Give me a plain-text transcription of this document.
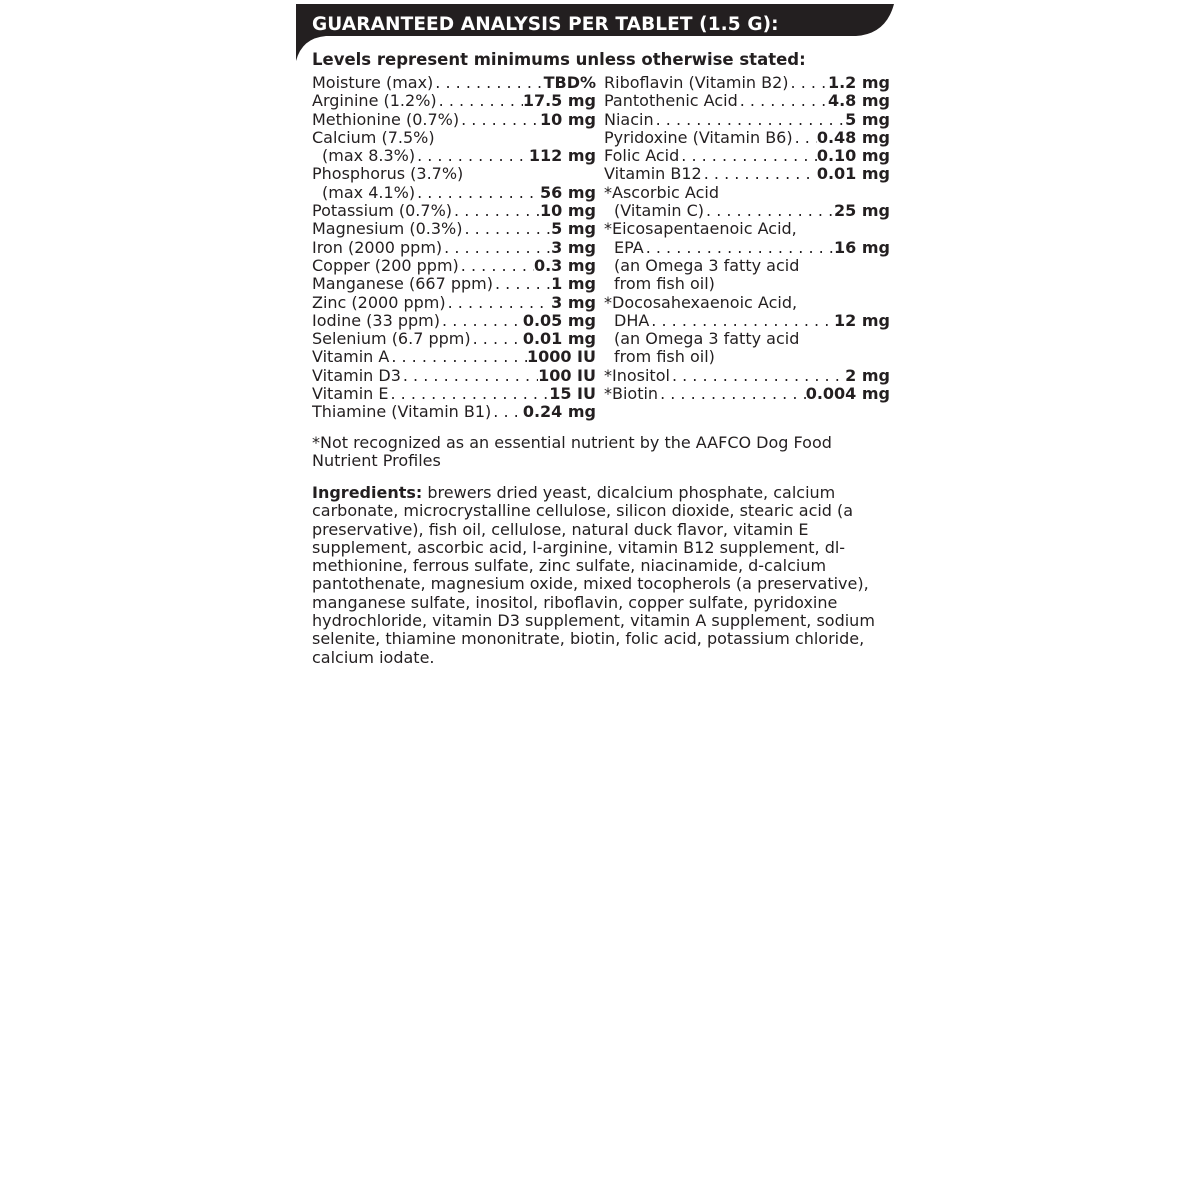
GUARANTEED ANALYSIS PER TABLET (1.5 G):
Levels represent minimums unless otherwise stated:
Moisture (max) . . .	TBD%
Arginine (1.2%) . . .	17.5 mg
Methionine (0.7%) . . .	10 mg
Calcium (7.5%)
(max 8.3%) . . .	112 mg
Phosphorus (3.7%)
(max 4.1%) . . .	56 mg
Potassium (0.7%) . . .	10 mg
Magnesium (0.3%) . . .	5 mg
Iron (2000 ppm) . . .	3 mg
Copper (200 ppm) . . .	0.3 mg
Manganese (667 ppm) . . .	1 mg
Zinc (2000 ppm) . . .	3 mg
Iodine (33 ppm) . . .	0.05 mg
Selenium (6.7 ppm) . . .	0.01 mg
Vitamin A . . .	1000 IU
Vitamin D3 . . .	100 IU
Vitamin E . . .	15 IU
Thiamine (Vitamin B1) . . . 0.24 mg
Riboflavin (Vitamin B2) . . . 1.2 mg
Pantothenic Acid . . .	4.8 mg
Niacin . . .	5 mg
Pyridoxine (Vitamin B6) . . . 0.48 mg
Folic Acid . . .	0.10 mg
Vitamin B12 . . .	0.01 mg
*Ascorbic Acid
(Vitamin C) . . .	25 mg
*Eicosapentaenoic Acid,
EPA . . .	16 mg
(an Omega 3 fatty acid
from fish oil)
*Docosahexaenoic Acid,
DHA . . .	12 mg
(an Omega 3 fatty acid
from fish oil)
*Inositol . . .	2 mg
*Biotin . . .	0.004 mg
*Not recognized as an essential nutrient by the AAFCO Dog Food Nutrient Profiles
Ingredients: brewers dried yeast, dicalcium phosphate, calcium carbonate, microcrystalline cellulose, silicon dioxide, stearic acid (a preservative), fish oil, cellulose, natural duck flavor, vitamin E supplement, ascorbic acid, l-arginine, vitamin B12 supplement, dl-methionine, ferrous sulfate, zinc sulfate, niacinamide, d-calcium pantothenate, magnesium oxide, mixed tocopherols (a preservative), manganese sulfate, inositol, riboflavin, copper sulfate, pyridoxine hydrochloride, vitamin D3 supplement, vitamin A supplement, sodium selenite, thiamine mononitrate, biotin, folic acid, potassium chloride, calcium iodate.
